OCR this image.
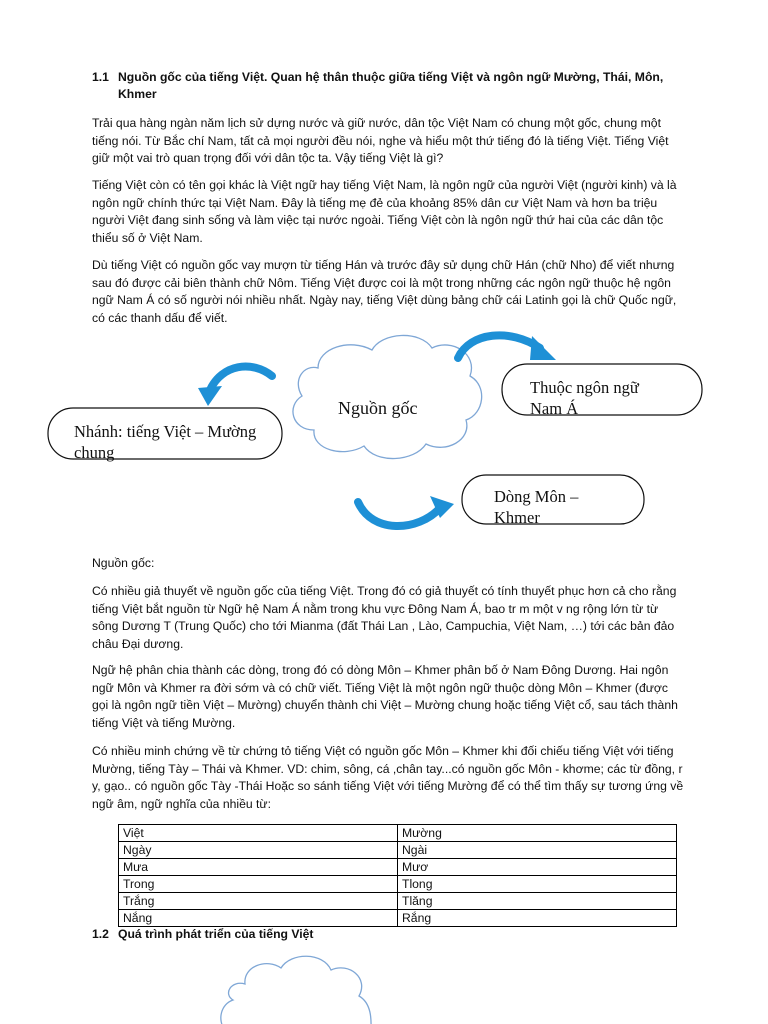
1.1 Nguồn gốc của tiếng Việt. Quan hệ thân thuộc giữa tiếng Việt và ngôn ngữ Mường, Thái, Môn,
Khmer

Trải qua hàng ngàn năm lịch sử dựng nước và giữ nước, dân tộc Việt Nam có chung một gốc, chung một tiếng nói. Từ Bắc chí Nam, tất cả mọi người đều nói, nghe và hiểu một thứ tiếng đó là tiếng Việt. Tiếng Việt giữ một vai trò quan trọng đối với dân tộc ta. Vậy tiếng Việt là gì?

Tiếng Việt còn có tên gọi khác là Việt ngữ hay tiếng Việt Nam, là ngôn ngữ của người Việt (người kinh) và là ngôn ngữ chính thức tại Việt Nam. Đây là tiếng mẹ đẻ của khoảng 85% dân cư Việt Nam và hơn ba triệu người Việt đang sinh sống và làm việc tại nước ngoài. Tiếng Việt còn là ngôn ngữ thứ hai của các dân tộc thiểu số ở Việt Nam.

Dù tiếng Việt có nguồn gốc vay mượn từ tiếng Hán và trước đây sử dụng chữ Hán (chữ Nho) để viết nhưng sau đó được cải biên thành chữ Nôm. Tiếng Việt được coi là một trong những các ngôn ngữ thuộc hệ ngôn ngữ Nam Á có số người nói nhiều nhất. Ngày nay, tiếng Việt dùng bảng chữ cái Latinh gọi là chữ Quốc ngữ, có các thanh dấu để viết.

Nguồn gốc
Thuộc ngôn ngữ Nam Á
Nhánh: tiếng Việt – Mường chung
Dòng Môn – Khmer

Nguồn gốc:

Có nhiều giả thuyết về nguồn gốc của tiếng Việt. Trong đó có giả thuyết có tính thuyết phục hơn cả cho rằng tiếng Việt bắt nguồn từ Ngữ hệ Nam Á nằm trong khu vực Đông Nam Á, bao tr m một v ng rộng lớn từ từ sông Dương T (Trung Quốc) cho tới Mianma (đất Thái Lan , Lào, Campuchia, Việt Nam, …) tới các bản đảo châu Đại dương.

Ngữ hệ phân chia thành các dòng, trong đó có dòng Môn – Khmer phân bố ở Nam Đông Dương. Hai ngôn ngữ Môn và Khmer ra đời sớm và có chữ viết. Tiếng Việt là một ngôn ngữ thuộc dòng Môn – Khmer (được gọi là ngôn ngữ tiền Việt – Mường) chuyển thành chi Việt – Mường chung hoặc tiếng Việt cổ, sau tách thành tiếng Việt và tiếng Mường.

Có nhiều minh chứng về từ chứng tỏ tiếng Việt có nguồn gốc Môn – Khmer khi đối chiếu tiếng Việt với tiếng Mường, tiếng Tày – Thái và Khmer. VD: chim, sông, cá ,chân tay...có nguồn gốc Môn - khơme; các từ đồng, r y, gạo.. có nguồn gốc Tày -Thái Hoặc so sánh tiếng Việt với tiếng Mường để có thể tìm thấy sự tương ứng về ngữ âm, ngữ nghĩa của nhiều từ:

Việt	Mường
Ngày	Ngài
Mưa	Mươ
Trong	Tlong
Trắng	Tlăng
Nắng	Rắng
1.2 Quá trình phát triển của tiếng Việt
